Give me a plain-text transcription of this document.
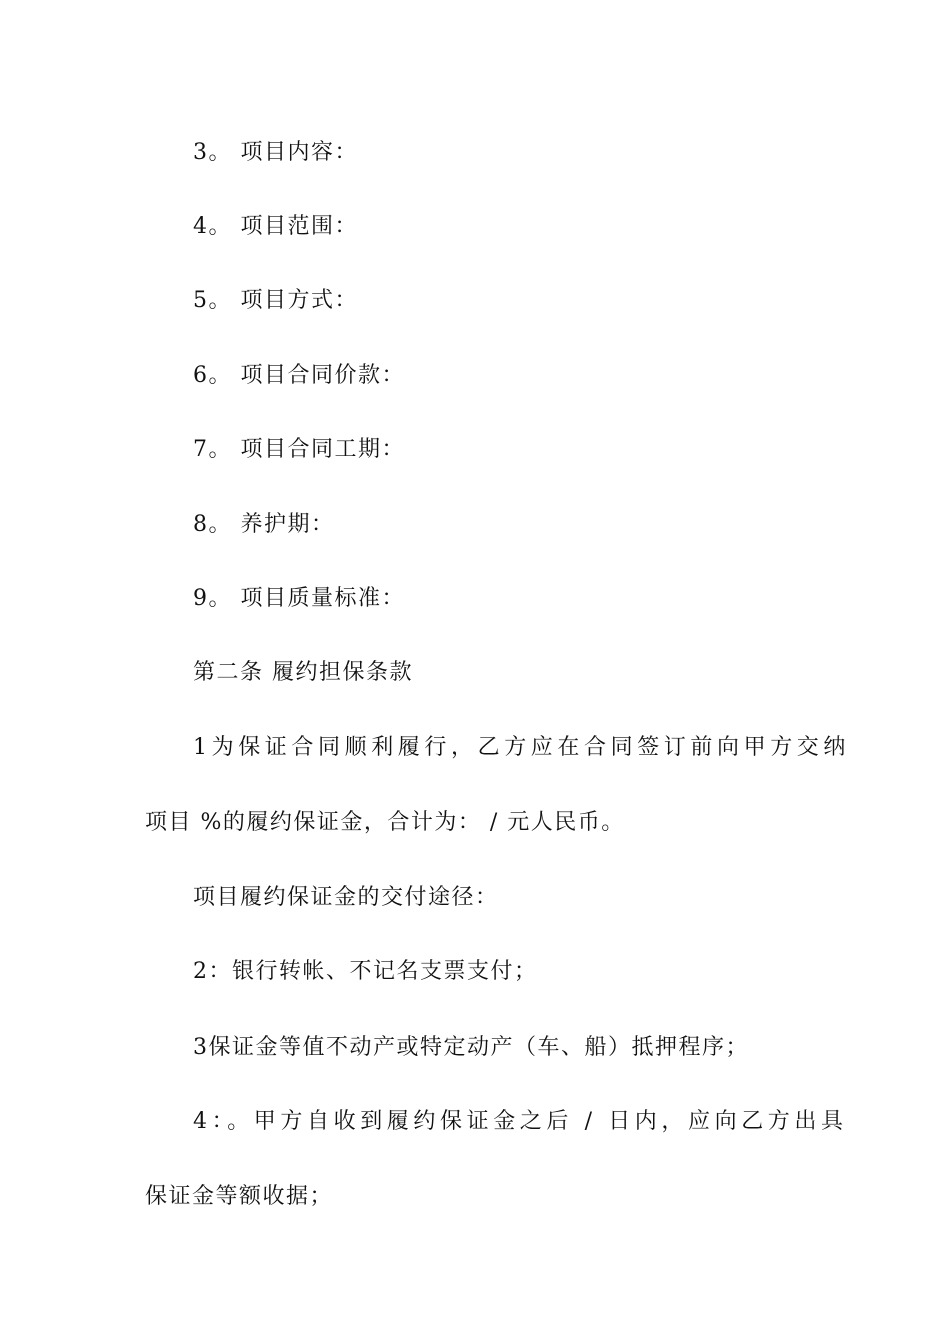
3。 项目内容：
4。 项目范围：
5。 项目方式：
6。 项目合同价款：
7。 项目合同工期：
8。 养护期：
9。 项目质量标准：
第二条 履约担保条款
1为保证合同顺利履行，乙方应在合同签订前向甲方交纳
项目 %的履约保证金，合计为： / 元人民币。
项目履约保证金的交付途径：
2：银行转帐、不记名支票支付；
3保证金等值不动产或特定动产（车、船）抵押程序；
4：。甲方自收到履约保证金之后 / 日内，应向乙方出具
保证金等额收据；
